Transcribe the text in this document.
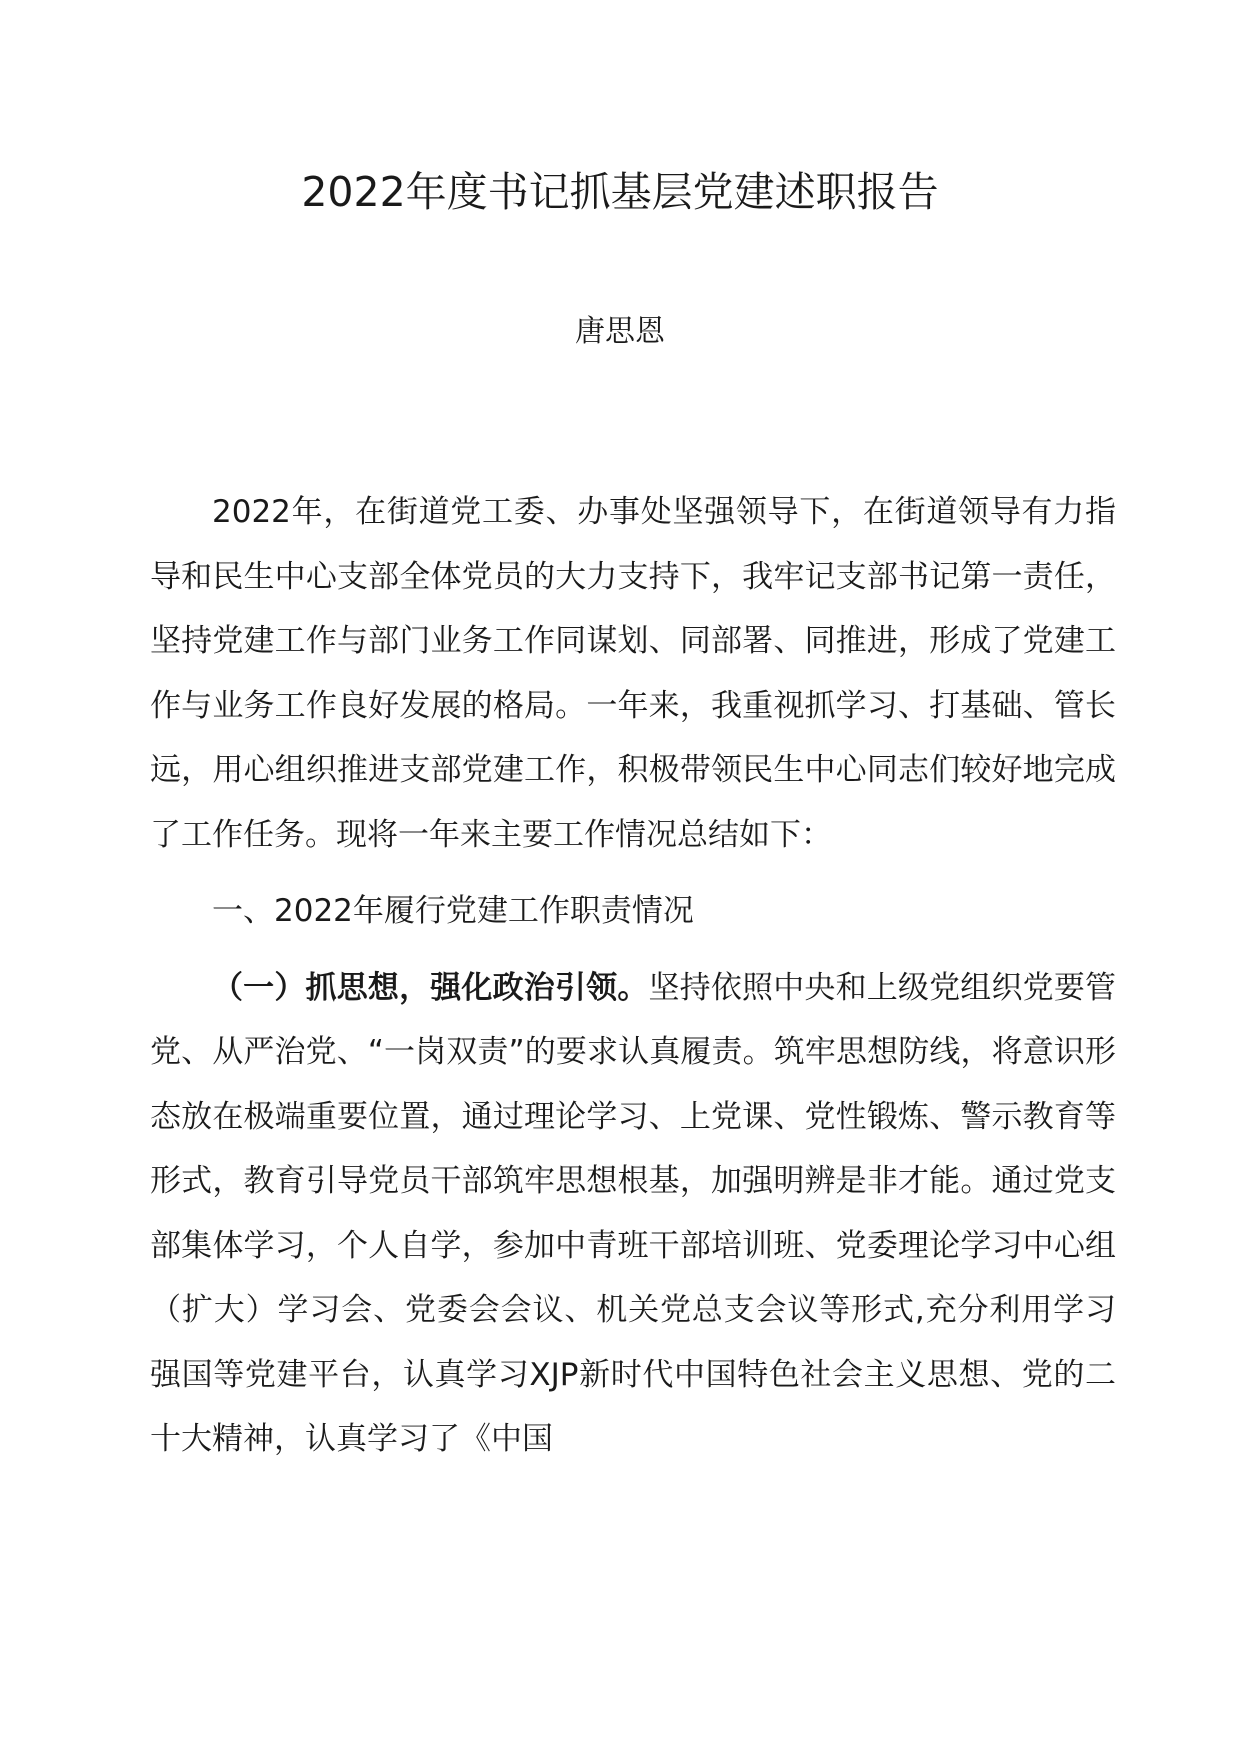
2022年度书记抓基层党建述职报告

唐思恩

2022年，在街道党工委、办事处坚强领导下，在街道领导有力指导和民生中心支部全体党员的大力支持下，我牢记支部书记第一责任，坚持党建工作与部门业务工作同谋划、同部署、同推进，形成了党建工作与业务工作良好发展的格局。一年来，我重视抓学习、打基础、管长远，用心组织推进支部党建工作，积极带领民生中心同志们较好地完成了工作任务。现将一年来主要工作情况总结如下：

一、2022年履行党建工作职责情况

（一）抓思想，强化政治引领。坚持依照中央和上级党组织党要管党、从严治党、“一岗双责”的要求认真履责。筑牢思想防线，将意识形态放在极端重要位置，通过理论学习、上党课、党性锻炼、警示教育等形式，教育引导党员干部筑牢思想根基，加强明辨是非才能。通过党支部集体学习，个人自学，参加中青班干部培训班、党委理论学习中心组（扩大）学习会、党委会会议、机关党总支会议等形式,充分利用学习强国等党建平台，认真学习XJP新时代中国特色社会主义思想、党的二十大精神，认真学习了《中国
